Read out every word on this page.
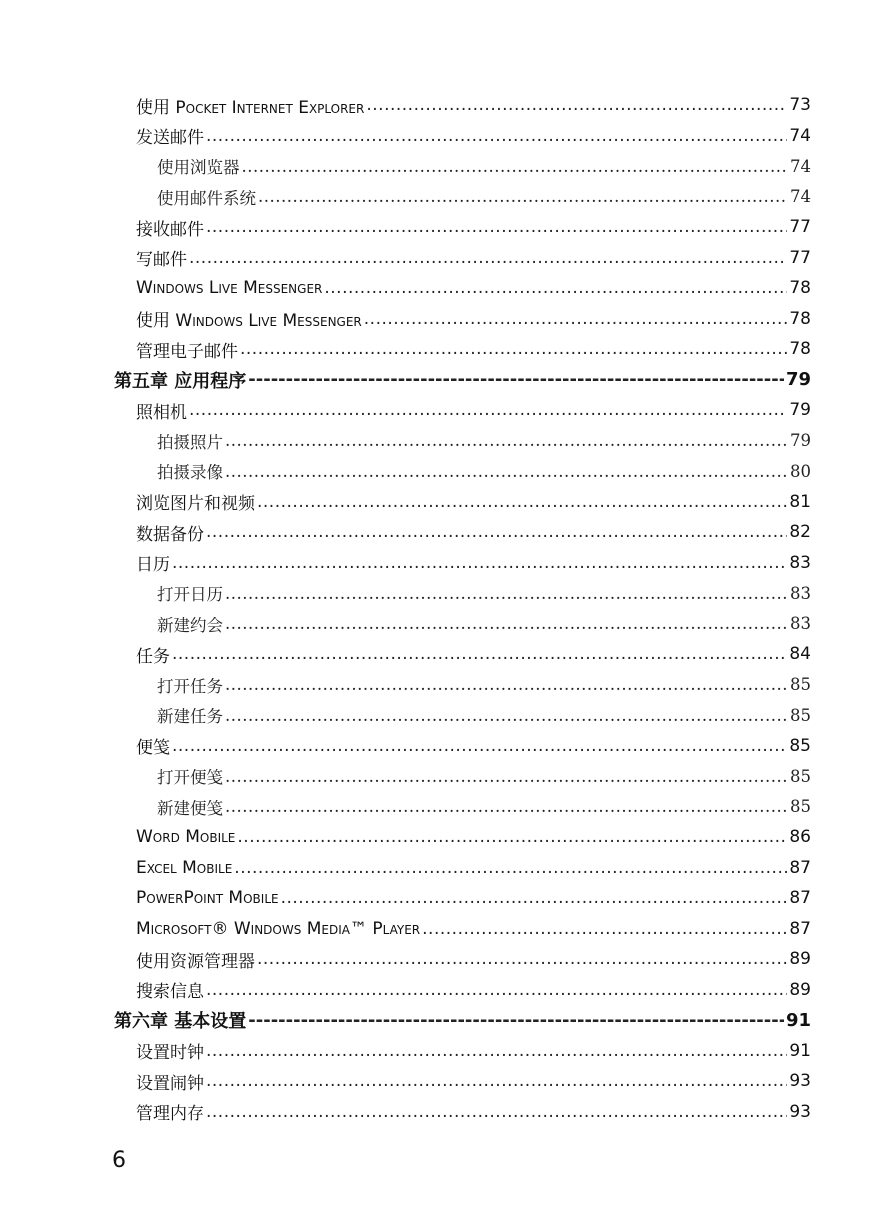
使用 Pocket Internet Explorer .....	73
发送邮件 .....	74
使用浏览器 .....	74
使用邮件系统 .....	74
接收邮件 .....	77
写邮件 .....	77
Windows Live Messenger .....	78
使用 Windows Live Messenger .....	78
管理电子邮件 .....	78
第五章 应用程序 -----	79
照相机 .....	79
拍摄照片 .....	79
拍摄录像 .....	80
浏览图片和视频 .....	81
数据备份 .....	82
日历 .....	83
打开日历 .....	83
新建约会 .....	83
任务 .....	84
打开任务 .....	85
新建任务 .....	85
便笺 .....	85
打开便笺 .....	85
新建便笺 .....	85
Word Mobile .....	86
Excel Mobile .....	87
PowerPoint Mobile .....	87
Microsoft® Windows Media™ Player .....	87
使用资源管理器 .....	89
搜索信息 .....	89
第六章 基本设置 -----	91
设置时钟 .....	91
设置闹钟 .....	93
管理内存 .....	93
6
